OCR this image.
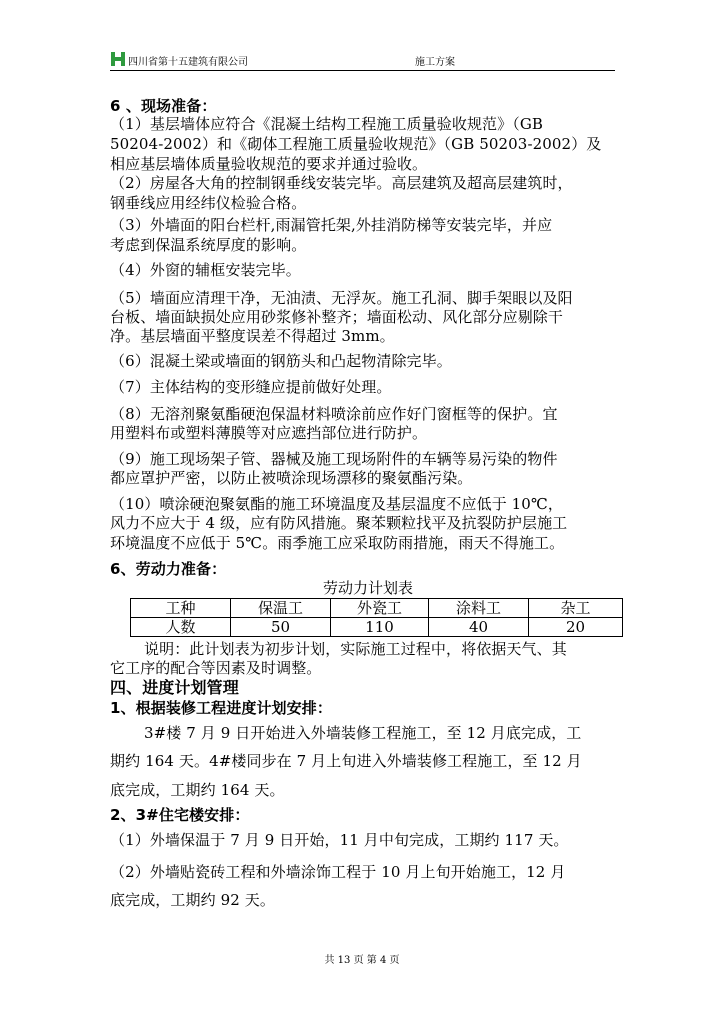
四川省第十五建筑有限公司	施工方案
6 、现场准备：
（1）基层墙体应符合《混凝土结构工程施工质量验收规范》（GB
50204-2002）和《砌体工程施工质量验收规范》（GB 50203-2002）及
相应基层墙体质量验收规范的要求并通过验收。
（2）房屋各大角的控制钢垂线安装完毕。高层建筑及超高层建筑时，
钢垂线应用经纬仪检验合格。
（3）外墙面的阳台栏杆,雨漏管托架,外挂消防梯等安装完毕，并应
考虑到保温系统厚度的影响。
（4）外窗的辅框安装完毕。
（5）墙面应清理干净，无油渍、无浮灰。施工孔洞、脚手架眼以及阳
台板、墙面缺损处应用砂浆修补整齐；墙面松动、风化部分应剔除干
净。基层墙面平整度误差不得超过 3mm。
（6）混凝土梁或墙面的钢筋头和凸起物清除完毕。
（7）主体结构的变形缝应提前做好处理。
（8）无溶剂聚氨酯硬泡保温材料喷涂前应作好门窗框等的保护。宜
用塑料布或塑料薄膜等对应遮挡部位进行防护。
（9）施工现场架子管、器械及施工现场附件的车辆等易污染的物件
都应罩护严密，以防止被喷涂现场漂移的聚氨酯污染。
（10）喷涂硬泡聚氨酯的施工环境温度及基层温度不应低于 10℃，
风力不应大于 4 级，应有防风措施。聚苯颗粒找平及抗裂防护层施工
环境温度不应低于 5℃。雨季施工应采取防雨措施，雨天不得施工。
6、劳动力准备：
劳动力计划表
工种	保温工	外瓷工	涂料工	杂工
人数	50	110	40	20
说明：此计划表为初步计划，实际施工过程中，将依据天气、其
它工序的配合等因素及时调整。
四、进度计划管理
1、根据装修工程进度计划安排：
3#楼 7 月 9 日开始进入外墙装修工程施工，至 12 月底完成，工
期约 164 天。4#楼同步在 7 月上旬进入外墙装修工程施工，至 12 月
底完成，工期约 164 天。
2、3#住宅楼安排：
（1）外墙保温于 7 月 9 日开始，11 月中旬完成，工期约 117 天。
（2）外墙贴瓷砖工程和外墙涂饰工程于 10 月上旬开始施工，12 月
底完成，工期约 92 天。
共 13 页 第 4 页
